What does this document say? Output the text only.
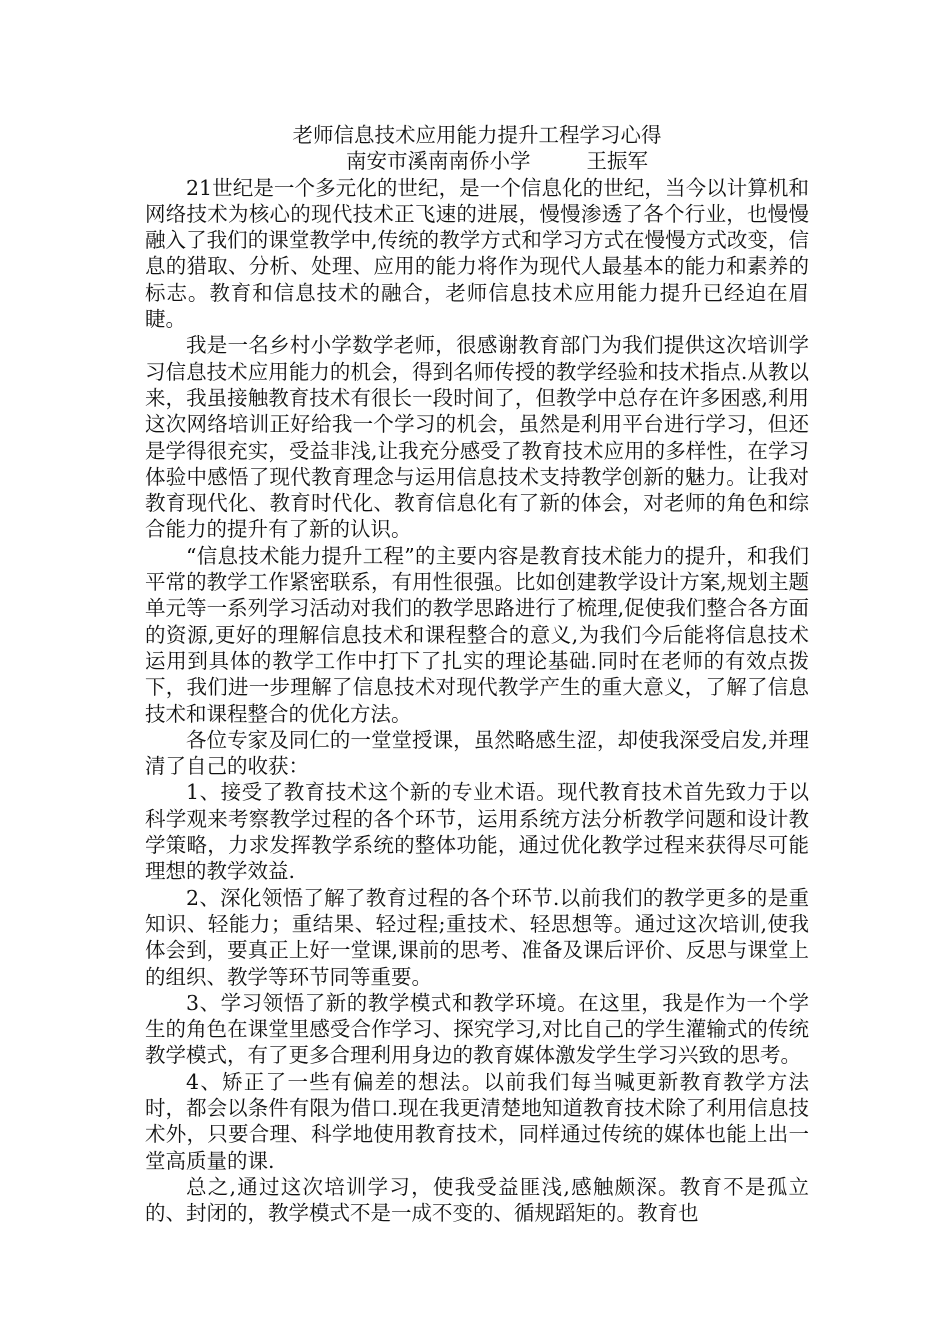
老师信息技术应用能力提升工程学习心得

南安市溪南南侨小学	王振军

21世纪是一个多元化的世纪，是一个信息化的世纪，当今以计算机和网络技术为核心的现代技术正飞速的进展，慢慢渗透了各个行业，也慢慢融入了我们的课堂教学中,传统的教学方式和学习方式在慢慢方式改变，信息的猎取、分析、处理、应用的能力将作为现代人最基本的能力和素养的标志。教育和信息技术的融合，老师信息技术应用能力提升已经迫在眉睫。

我是一名乡村小学数学老师，很感谢教育部门为我们提供这次培训学习信息技术应用能力的机会，得到名师传授的教学经验和技术指点.从教以来，我虽接触教育技术有很长一段时间了，但教学中总存在许多困惑,利用这次网络培训正好给我一个学习的机会，虽然是利用平台进行学习，但还是学得很充实，受益非浅,让我充分感受了教育技术应用的多样性，在学习体验中感悟了现代教育理念与运用信息技术支持教学创新的魅力。让我对教育现代化、教育时代化、教育信息化有了新的体会，对老师的角色和综合能力的提升有了新的认识。

“信息技术能力提升工程”的主要内容是教育技术能力的提升，和我们平常的教学工作紧密联系，有用性很强。比如创建教学设计方案,规划主题单元等一系列学习活动对我们的教学思路进行了梳理,促使我们整合各方面的资源,更好的理解信息技术和课程整合的意义,为我们今后能将信息技术运用到具体的教学工作中打下了扎实的理论基础.同时在老师的有效点拨下，我们进一步理解了信息技术对现代教学产生的重大意义，了解了信息技术和课程整合的优化方法。

各位专家及同仁的一堂堂授课，虽然略感生涩，却使我深受启发,并理清了自己的收获：

1、接受了教育技术这个新的专业术语。现代教育技术首先致力于以科学观来考察教学过程的各个环节，运用系统方法分析教学问题和设计教学策略，力求发挥教学系统的整体功能，通过优化教学过程来获得尽可能理想的教学效益.

2、深化领悟了解了教育过程的各个环节.以前我们的教学更多的是重知识、轻能力；重结果、轻过程;重技术、轻思想等。通过这次培训,使我体会到，要真正上好一堂课,课前的思考、准备及课后评价、反思与课堂上的组织、教学等环节同等重要。

3、学习领悟了新的教学模式和教学环境。在这里，我是作为一个学生的角色在课堂里感受合作学习、探究学习,对比自己的学生灌输式的传统教学模式，有了更多合理利用身边的教育媒体激发学生学习兴致的思考。

4、矫正了一些有偏差的想法。以前我们每当喊更新教育教学方法时，都会以条件有限为借口.现在我更清楚地知道教育技术除了利用信息技术外，只要合理、科学地使用教育技术，同样通过传统的媒体也能上出一堂高质量的课.

总之,通过这次培训学习，使我受益匪浅,感触颇深。教育不是孤立的、封闭的，教学模式不是一成不变的、循规蹈矩的。教育也
